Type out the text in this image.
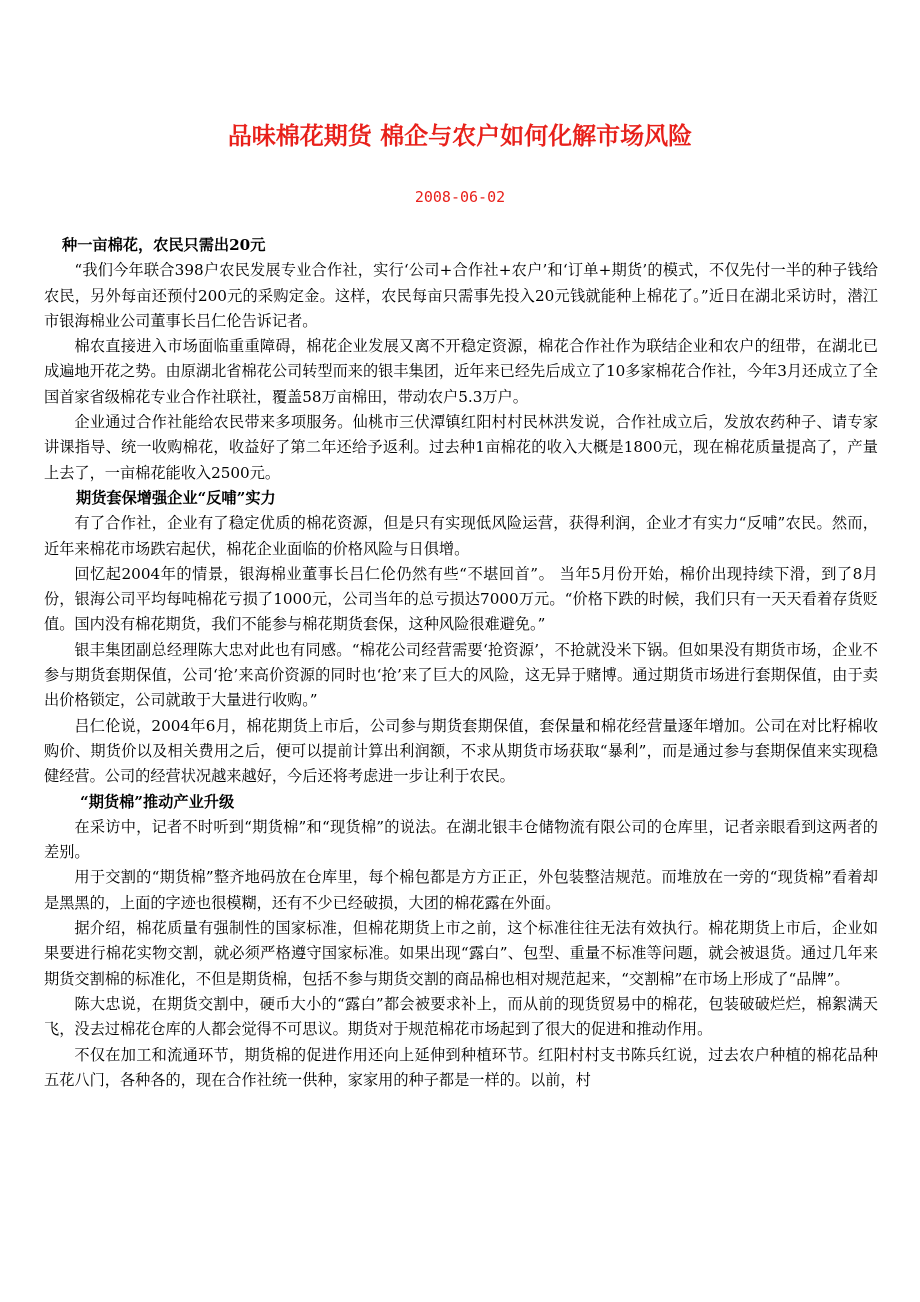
品味棉花期货 棉企与农户如何化解市场风险
2008-06-02
种一亩棉花，农民只需出20元

“我们今年联合398户农民发展专业合作社，实行‘公司+合作社+农户’和‘订单+期货’的模式，不仅先付一半的种子钱给农民，另外每亩还预付200元的采购定金。这样，农民每亩只需事先投入20元钱就能种上棉花了。”近日在湖北采访时，潜江市银海棉业公司董事长吕仁伦告诉记者。

棉农直接进入市场面临重重障碍，棉花企业发展又离不开稳定资源，棉花合作社作为联结企业和农户的纽带，在湖北已成遍地开花之势。由原湖北省棉花公司转型而来的银丰集团，近年来已经先后成立了10多家棉花合作社，今年3月还成立了全国首家省级棉花专业合作社联社，覆盖58万亩棉田，带动农户5.3万户。

企业通过合作社能给农民带来多项服务。仙桃市三伏潭镇红阳村村民林洪发说，合作社成立后，发放农药种子、请专家讲课指导、统一收购棉花，收益好了第二年还给予返利。过去种1亩棉花的收入大概是1800元，现在棉花质量提高了，产量上去了，一亩棉花能收入2500元。

期货套保增强企业“反哺”实力

有了合作社，企业有了稳定优质的棉花资源，但是只有实现低风险运营，获得利润，企业才有实力“反哺”农民。然而，近年来棉花市场跌宕起伏，棉花企业面临的价格风险与日俱增。

回忆起2004年的情景，银海棉业董事长吕仁伦仍然有些“不堪回首”。 当年5月份开始，棉价出现持续下滑，到了8月份，银海公司平均每吨棉花亏损了1000元，公司当年的总亏损达7000万元。“价格下跌的时候，我们只有一天天看着存货贬值。国内没有棉花期货，我们不能参与棉花期货套保，这种风险很难避免。”

银丰集团副总经理陈大忠对此也有同感。“棉花公司经营需要‘抢资源’，不抢就没米下锅。但如果没有期货市场，企业不参与期货套期保值，公司‘抢’来高价资源的同时也‘抢’来了巨大的风险，这无异于赌博。通过期货市场进行套期保值，由于卖出价格锁定，公司就敢于大量进行收购。”

吕仁伦说，2004年6月，棉花期货上市后，公司参与期货套期保值，套保量和棉花经营量逐年增加。公司在对比籽棉收购价、期货价以及相关费用之后，便可以提前计算出利润额，不求从期货市场获取“暴利”，而是通过参与套期保值来实现稳健经营。公司的经营状况越来越好，今后还将考虑进一步让利于农民。

“期货棉”推动产业升级

在采访中，记者不时听到“期货棉”和“现货棉”的说法。在湖北银丰仓储物流有限公司的仓库里，记者亲眼看到这两者的差别。

用于交割的“期货棉”整齐地码放在仓库里，每个棉包都是方方正正，外包装整洁规范。而堆放在一旁的“现货棉”看着却是黑黑的，上面的字迹也很模糊，还有不少已经破损，大团的棉花露在外面。

据介绍，棉花质量有强制性的国家标准，但棉花期货上市之前，这个标准往往无法有效执行。棉花期货上市后，企业如果要进行棉花实物交割，就必须严格遵守国家标准。如果出现“露白”、包型、重量不标准等问题，就会被退货。通过几年来期货交割棉的标准化，不但是期货棉，包括不参与期货交割的商品棉也相对规范起来，“交割棉”在市场上形成了“品牌”。

陈大忠说，在期货交割中，硬币大小的“露白”都会被要求补上，而从前的现货贸易中的棉花，包装破破烂烂，棉絮满天飞，没去过棉花仓库的人都会觉得不可思议。期货对于规范棉花市场起到了很大的促进和推动作用。

不仅在加工和流通环节，期货棉的促进作用还向上延伸到种植环节。红阳村村支书陈兵红说，过去农户种植的棉花品种五花八门，各种各的，现在合作社统一供种，家家用的种子都是一样的。以前，村
